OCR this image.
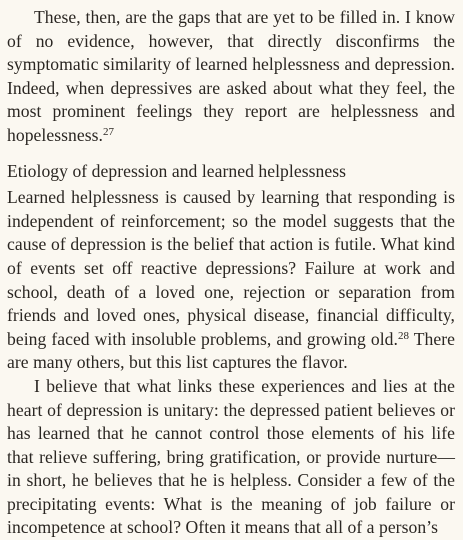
These, then, are the gaps that are yet to be filled in. I know of no evidence, however, that directly disconfirms the symptomatic similarity of learned helplessness and depression. Indeed, when depressives are asked about what they feel, the most prominent feelings they report are helplessness and hopelessness.$^{27}$

Etiology of depression and learned helplessness

Learned helplessness is caused by learning that responding is independent of reinforcement; so the model suggests that the cause of depression is the belief that action is futile. What kind of events set off reactive depressions? Failure at work and school, death of a loved one, rejection or separation from friends and loved ones, physical disease, financial difficulty, being faced with insoluble problems, and growing old.$^{28}$ There are many others, but this list captures the flavor.

I believe that what links these experiences and lies at the heart of depression is unitary: the depressed patient believes or has learned that he cannot control those elements of his life that relieve suffering, bring gratification, or provide nurture—in short, he believes that he is helpless. Consider a few of the precipitating events: What is the meaning of job failure or incompetence at school? Often it means that all of a person’s
